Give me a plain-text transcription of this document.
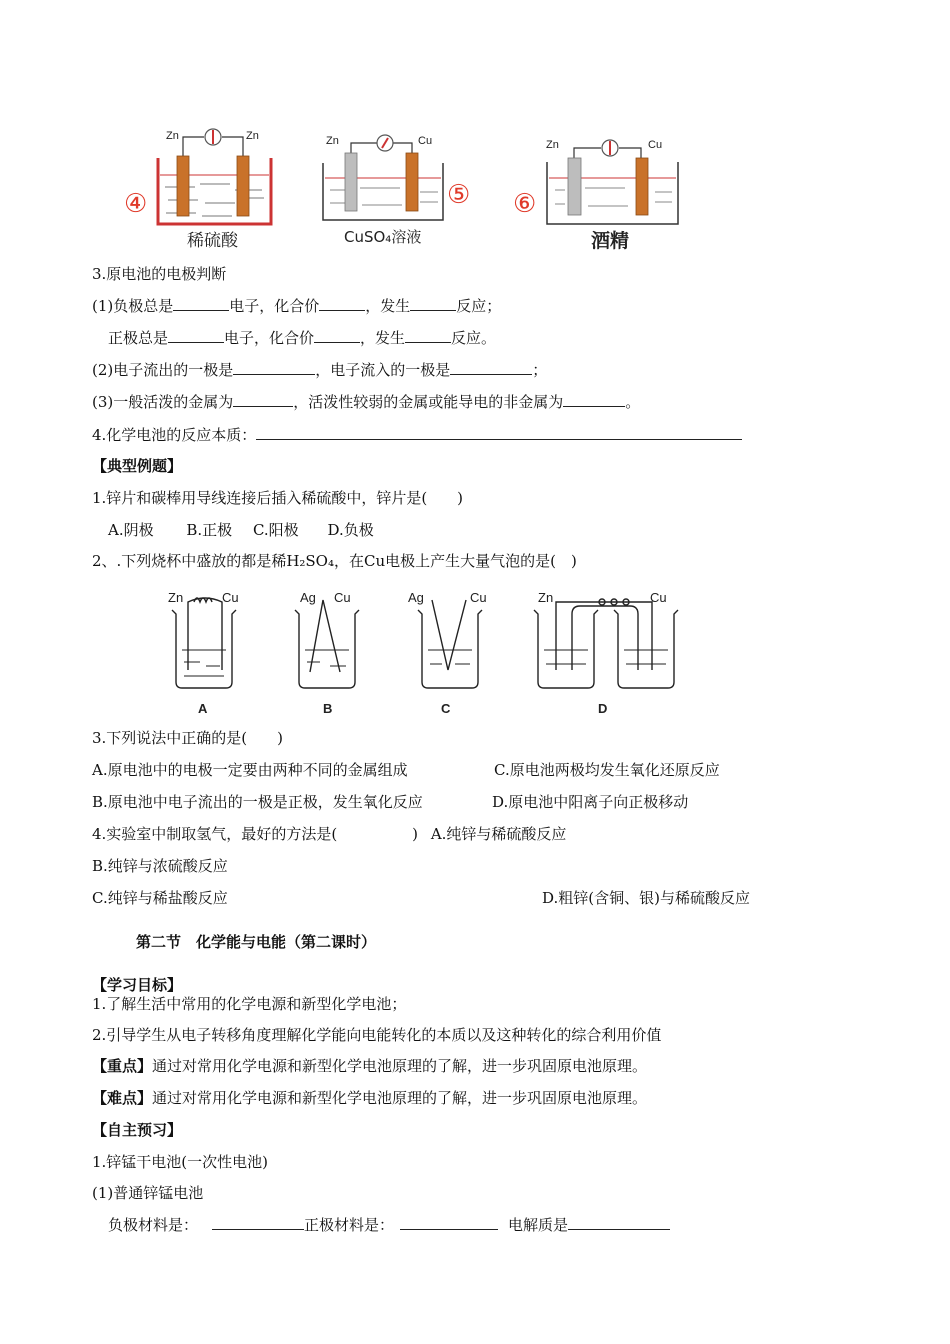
Zn	Zn
④
稀硫酸
Zn	Cu
⑤
CuSO₄溶液
Zn	Cu
⑥
酒精
3.原电池的电极判断
(1)负极总是	电子，化合价	，发生	反应；
正极总是	电子，化合价	，发生	反应。
(2)电子流出的一极是	，电子流入的一极是	；
(3)一般活泼的金属为	，活泼性较弱的金属或能导电的非金属为	。
4.化学电池的反应本质：
【典型例题】
1.锌片和碳棒用导线连接后插入稀硫酸中，锌片是(　　)
A.阴极 B.正极 C.阳极 D.负极
2、.下列烧杯中盛放的都是稀H₂SO₄，在Cu电极上产生大量气泡的是(　)
Zn	Cu	Ag Cu	Ag	Cu	Zn	Cu
A	B	C	D
3.下列说法中正确的是(　　)
A.原电池中的电极一定要由两种不同的金属组成	C.原电池两极均发生氧化还原反应
B.原电池中电子流出的一极是正极，发生氧化反应	D.原电池中阳离子向正极移动
4.实验室中制取氢气，最好的方法是(　　　　　) A.纯锌与稀硫酸反应
B.纯锌与浓硫酸反应
C.纯锌与稀盐酸反应	D.粗锌(含铜、银)与稀硫酸反应
第二节　化学能与电能（第二课时）
【学习目标】
1.了解生活中常用的化学电源和新型化学电池；
2.引导学生从电子转移角度理解化学能向电能转化的本质以及这种转化的综合利用价值
【重点】通过对常用化学电源和新型化学电池原理的了解，进一步巩固原电池原理。
【难点】通过对常用化学电源和新型化学电池原理的了解，进一步巩固原电池原理。
【自主预习】
1.锌锰干电池(一次性电池)
(1)普通锌锰电池
负极材料是：	正极材料是：	电解质是
